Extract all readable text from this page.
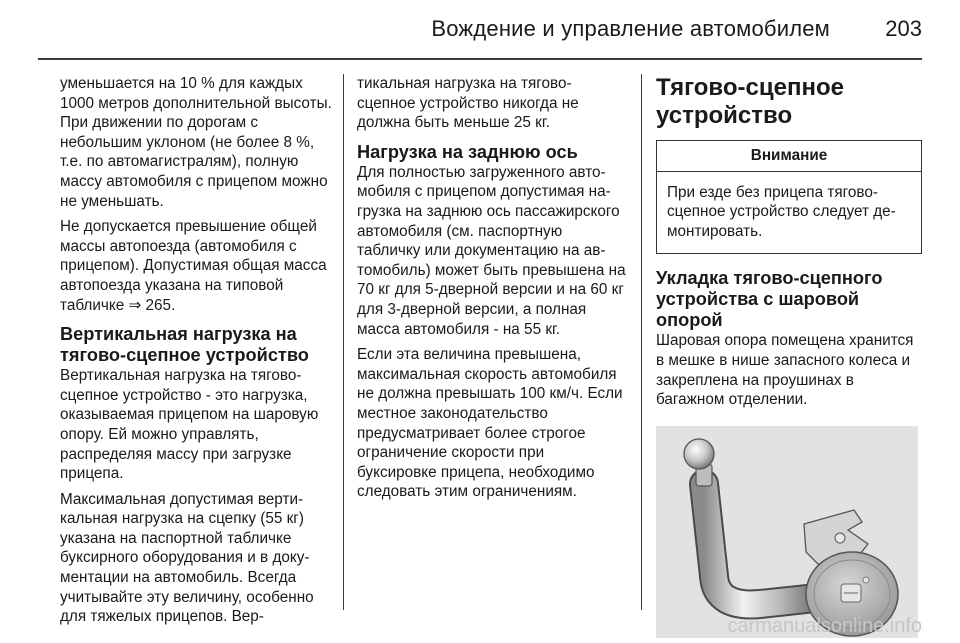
Вождение и управление автомобилем	203

уменьшается на 10 % для каждых 1000 метров дополнительной высоты. При движении по дорогам с небольшим уклоном (не более 8 %, т.е. по автомагистралям), полную массу автомобиля с прицепом можно не уменьшать.

Не допускается превышение общей массы автопоезда (автомобиля с прицепом). Допустимая общая масса автопоезда указана на типовой табличке ⇒ 265.

Вертикальная нагрузка на тягово-сцепное устройство

Вертикальная нагрузка на тягово-сцепное устройство - это нагрузка, оказываемая прицепом на шаровую опору. Ей можно управлять, распределяя массу при загрузке прицепа.

Максимальная допустимая вертикальная нагрузка на сцепку (55 кг) указана на паспортной табличке буксирного оборудования и в документации на автомобиль. Всегда учитывайте эту величину, особенно для тяжелых прицепов. Вер-

тикальная нагрузка на тягово-сцепное устройство никогда не должна быть меньше 25 кг.

Нагрузка на заднюю ось

Для полностью загруженного автомобиля с прицепом допустимая нагрузка на заднюю ось пассажирского автомобиля (см. паспортную табличку или документацию на автомобиль) может быть превышена на 70 кг для 5-дверной версии и на 60 кг для 3-дверной версии, а полная масса автомобиля - на 55 кг.

Если эта величина превышена, максимальная скорость автомобиля не должна превышать 100 км/ч. Если местное законодательство предусматривает более строгое ограничение скорости при буксировке прицепа, необходимо следовать этим ограничениям.

Тягово-сцепное устройство
Внимание
При езде без прицепа тягово-сцепное устройство следует демонтировать.
Укладка тягово-сцепного устройства с шаровой опорой

Шаровая опора помещена хранится в мешке в нише запасного колеса и закреплена на проушинах в багажном отделении.

carmanualsonline.info
